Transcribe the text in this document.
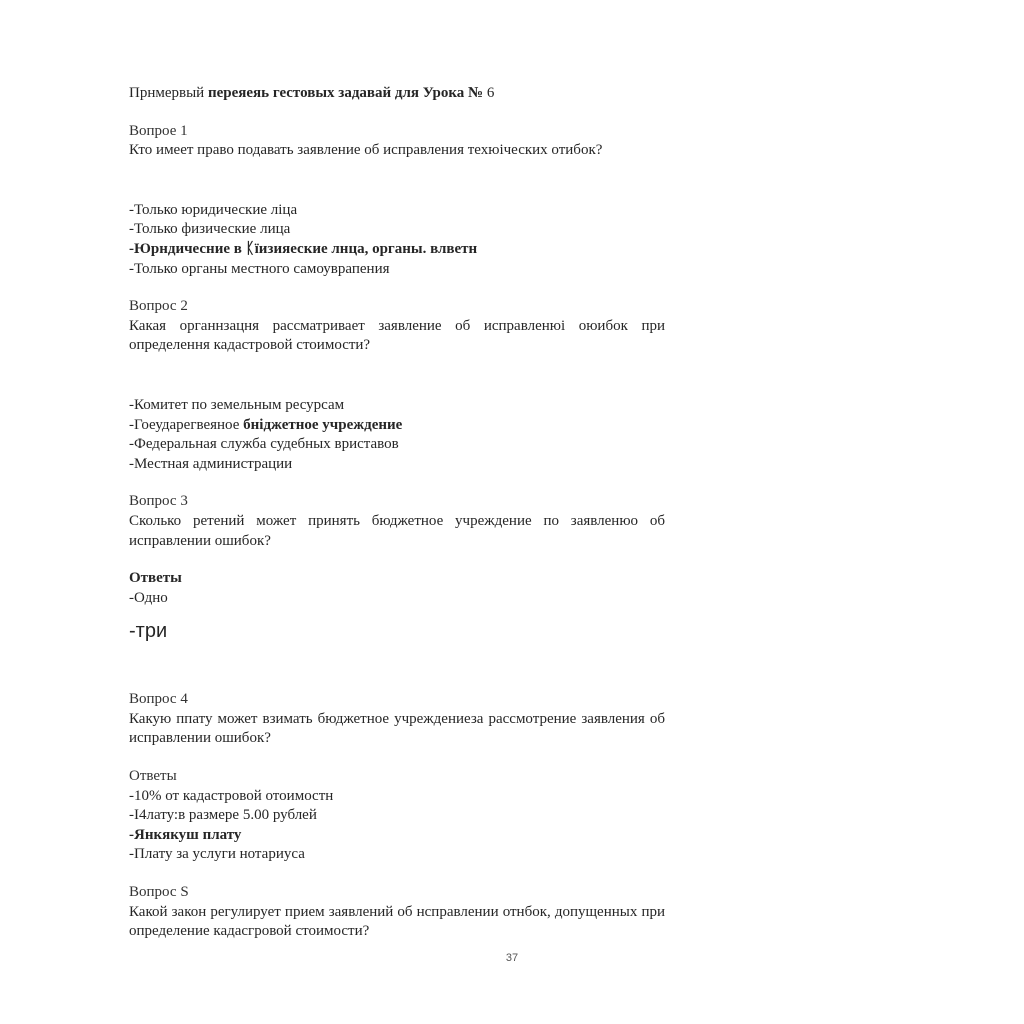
Прнмервый переяеяь гестовых задавай для Урока № 6

Вопрое 1

Кто имеет право подавать заявление об исправления техюіческих отибок?

-Только юридические ліца

-Только физические лица

-Юрндичесние в ᛕїизияеские лнца, органы. влветн

-Только органы местного самоуврапения

Вопрос 2

Какая органнзацня рассматривает заявление об исправленюі оюибок при определення кадастровой стоимости?

-Комитет по земельным ресурсам

-Гоеударегвеяное бнiджетное учреждение

-Федеральная служба судебных вриставов

-Местная администрации

Вопрос 3

Сколько ретений может принять бюджетное учреждение по заявленюо об исправлении ошибок?

Ответы

-Одно

-три

Вопрос 4

Какую ппату может взимать бюджетное учреждениеза рассмотрение заявления об исправлении ошибок?

Ответы

-10% от кадастровой отоимостн

-I4лату:в размере 5.00 рублей

-Янкякуш плату

-Плату за услуги нотариуса

Вопрос S

Какой закон регулирует прием заявлений об нсправлении отнбок, допущенных при определение кадасгровой стоимости?

37
